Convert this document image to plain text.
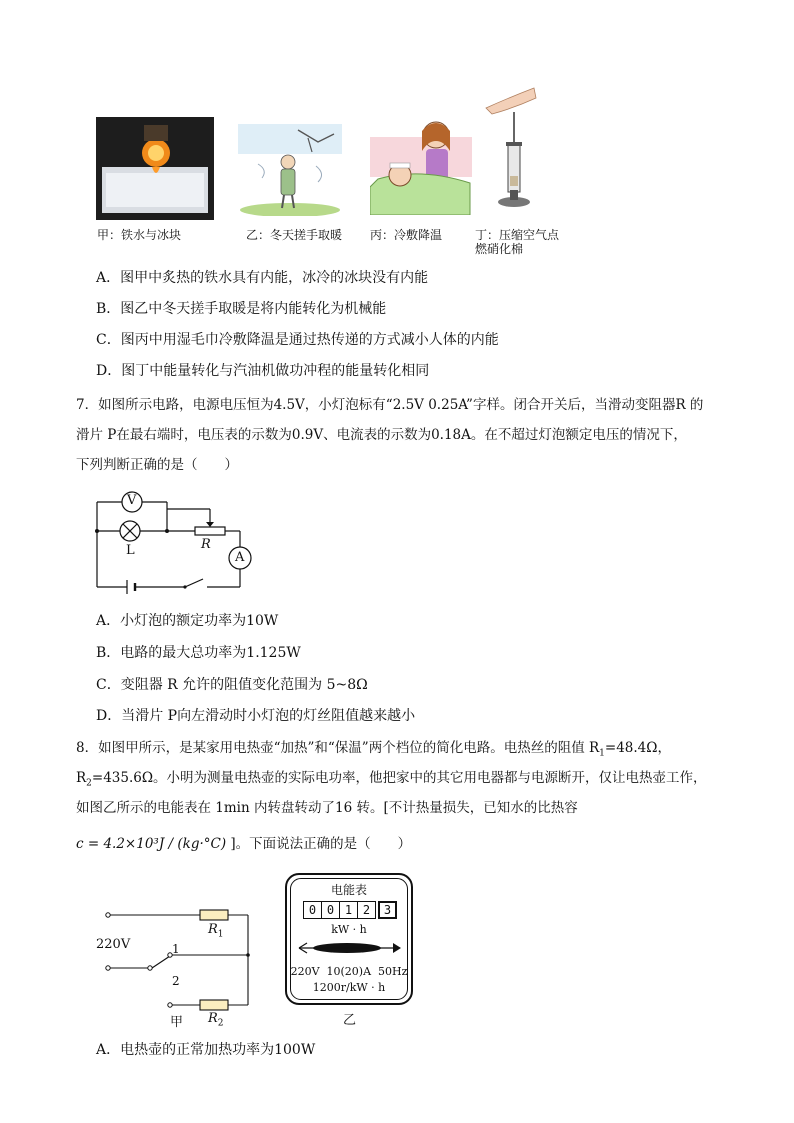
甲：铁水与冰块	乙：冬天搓手取暖 丙：冷敷降温	丁：压缩空气点
燃硝化棉
A．图甲中炙热的铁水具有内能，冰冷的冰块没有内能
B．图乙中冬天搓手取暖是将内能转化为机械能
C．图丙中用湿毛巾冷敷降温是通过热传递的方式减小人体的内能
D．图丁中能量转化与汽油机做功冲程的能量转化相同
7．如图所示电路，电源电压恒为4.5V，小灯泡标有“2.5V 0.25A”字样。闭合开关后，当滑动变阻器R 的
滑片 P在最右端时，电压表的示数为0.9V、电流表的示数为0.18A。在不超过灯泡额定电压的情况下，
下列判断正确的是（　　）
V
L	R
A
A．小灯泡的额定功率为10W
B．电路的最大总功率为1.125W
C．变阻器 R 允许的阻值变化范围为 5~8Ω
D．当滑片 P向左滑动时小灯泡的灯丝阻值越来越小
8．如图甲所示，是某家用电热壶“加热”和“保温”两个档位的简化电路。电热丝的阻值 $R_1=48.4\Omega$，
$R_2=435.6\Omega$。小明为测量电热壶的实际电功率，他把家中的其它用电器都与电源断开，仅让电热壶工作，
如图乙所示的电能表在 1min 内转盘转动了16 转。[不计热量损失，已知水的比热容
c = 4.2×10³J / (kg·°C) ]。下面说法正确的是（　　）
$R_1$
220V	1
2
$R_2$
甲
电能表
0 0 1 2	3
kW · h
220V  10(20)A  50Hz
1200r/kW · h
乙
A．电热壶的正常加热功率为100W
